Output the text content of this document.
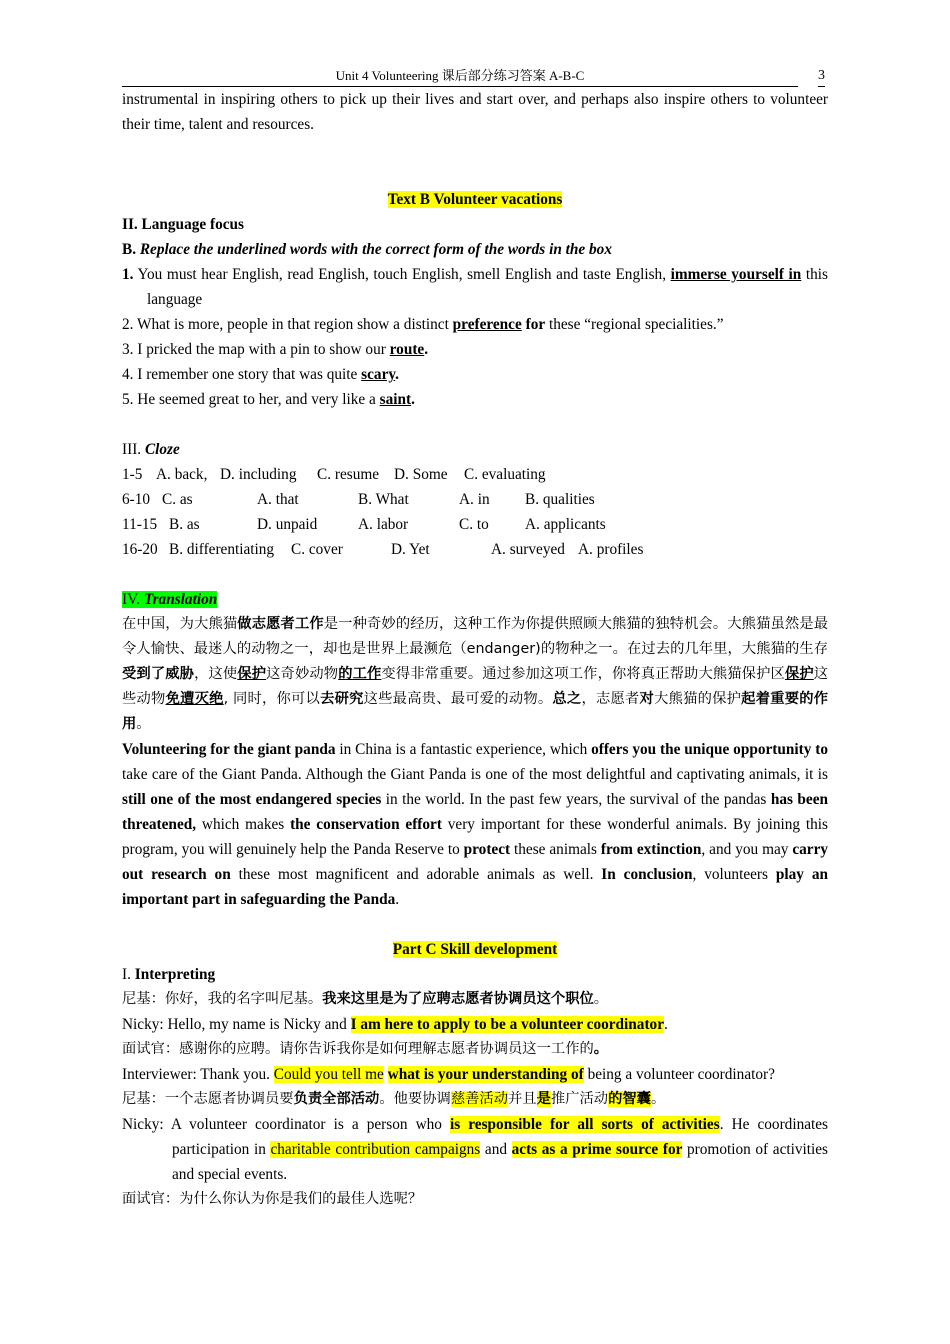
Unit 4 Volunteering 课后部分练习答案 A-B-C	3

instrumental in inspiring others to pick up their lives and start over, and perhaps also inspire others to volunteer their time, talent and resources.

Text B Volunteer vacations

II. Language focus

B. Replace the underlined words with the correct form of the words in the box

1. You must hear English, read English, touch English, smell English and taste English, immerse yourself in this language

2. What is more, people in that region show a distinct preference for these “regional specialities.”

3. I pricked the map with a pin to show our route.

4. I remember one story that was quite scary.

5. He seemed great to her, and very like a saint.

III. Cloze

1-5 A. back, D. including	C. resume D. Some	C. evaluating
6-10 C. as	A. that	B. What	A. in	B. qualities
11-15 B. as	D. unpaid	A. labor	C. to	A. applicants
16-20 B. differentiating	C. cover	D. Yet	A. surveyed A. profiles

IV. Translation

在中国，为大熊猫做志愿者工作是一种奇妙的经历，这种工作为你提供照顾大熊猫的独特机会。大熊猫虽然是最令人愉快、最迷人的动物之一，却也是世界上最濒危（endanger)的物种之一。在过去的几年里，大熊猫的生存受到了威胁，这使保护这奇妙动物的工作变得非常重要。通过参加这项工作，你将真正帮助大熊猫保护区保护这些动物免遭灭绝, 同时，你可以去研究这些最高贵、最可爱的动物。总之，志愿者对大熊猫的保护起着重要的作用。

Volunteering for the giant panda in China is a fantastic experience, which offers you the unique opportunity to take care of the Giant Panda. Although the Giant Panda is one of the most delightful and captivating animals, it is still one of the most endangered species in the world. In the past few years, the survival of the pandas has been threatened, which makes the conservation effort very important for these wonderful animals. By joining this program, you will genuinely help the Panda Reserve to protect these animals from extinction, and you may carry out research on these most magnificent and adorable animals as well. In conclusion, volunteers play an important part in safeguarding the Panda.

Part C Skill development

I. Interpreting

尼基：你好，我的名字叫尼基。我来这里是为了应聘志愿者协调员这个职位。

Nicky: Hello, my name is Nicky and I am here to apply to be a volunteer coordinator.

面试官：感谢你的应聘。请你告诉我你是如何理解志愿者协调员这一工作的。

Interviewer: Thank you. Could you tell me what is your understanding of being a volunteer coordinator?

尼基：一个志愿者协调员要负责全部活动。他要协调慈善活动并且是推广活动的智囊。

Nicky: A volunteer coordinator is a person who is responsible for all sorts of activities. He coordinates participation in charitable contribution campaigns and acts as a prime source for promotion of activities and special events.

面试官：为什么你认为你是我们的最佳人选呢？
